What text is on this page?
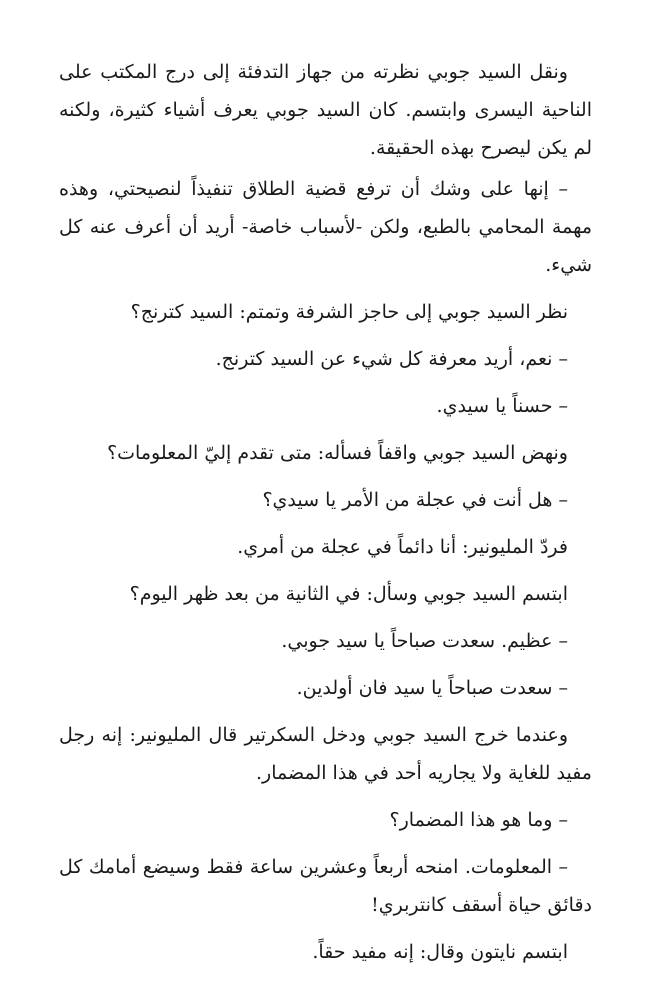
ونقل السيد جوبي نظرته من جهاز التدفئة إلى درج المكتب على الناحية اليسرى وابتسم. كان السيد جوبي يعرف أشياء كثيرة، ولكنه لم يكن ليصرح بهذه الحقيقة.

– إنها على وشك أن ترفع قضية الطلاق تنفيذاً لنصيحتي، وهذه مهمة المحامي بالطبع، ولكن -لأسباب خاصة- أريد أن أعرف عنه كل شيء.

نظر السيد جوبي إلى حاجز الشرفة وتمتم: السيد كترنج؟

– نعم، أريد معرفة كل شيء عن السيد كترنج.

– حسناً يا سيدي.

ونهض السيد جوبي واقفاً فسأله: متى تقدم إليّ المعلومات؟

– هل أنت في عجلة من الأمر يا سيدي؟

فردّ المليونير: أنا دائماً في عجلة من أمري.

ابتسم السيد جوبي وسأل: في الثانية من بعد ظهر اليوم؟

– عظيم. سعدت صباحاً يا سيد جوبي.

– سعدت صباحاً يا سيد فان أولدين.

وعندما خرج السيد جوبي ودخل السكرتير قال المليونير: إنه رجل مفيد للغاية ولا يجاريه أحد في هذا المضمار.

– وما هو هذا المضمار؟

– المعلومات. امنحه أربعاً وعشرين ساعة فقط وسيضع أمامك كل دقائق حياة أسقف كانتربري!

ابتسم نايتون وقال: إنه مفيد حقاً.
